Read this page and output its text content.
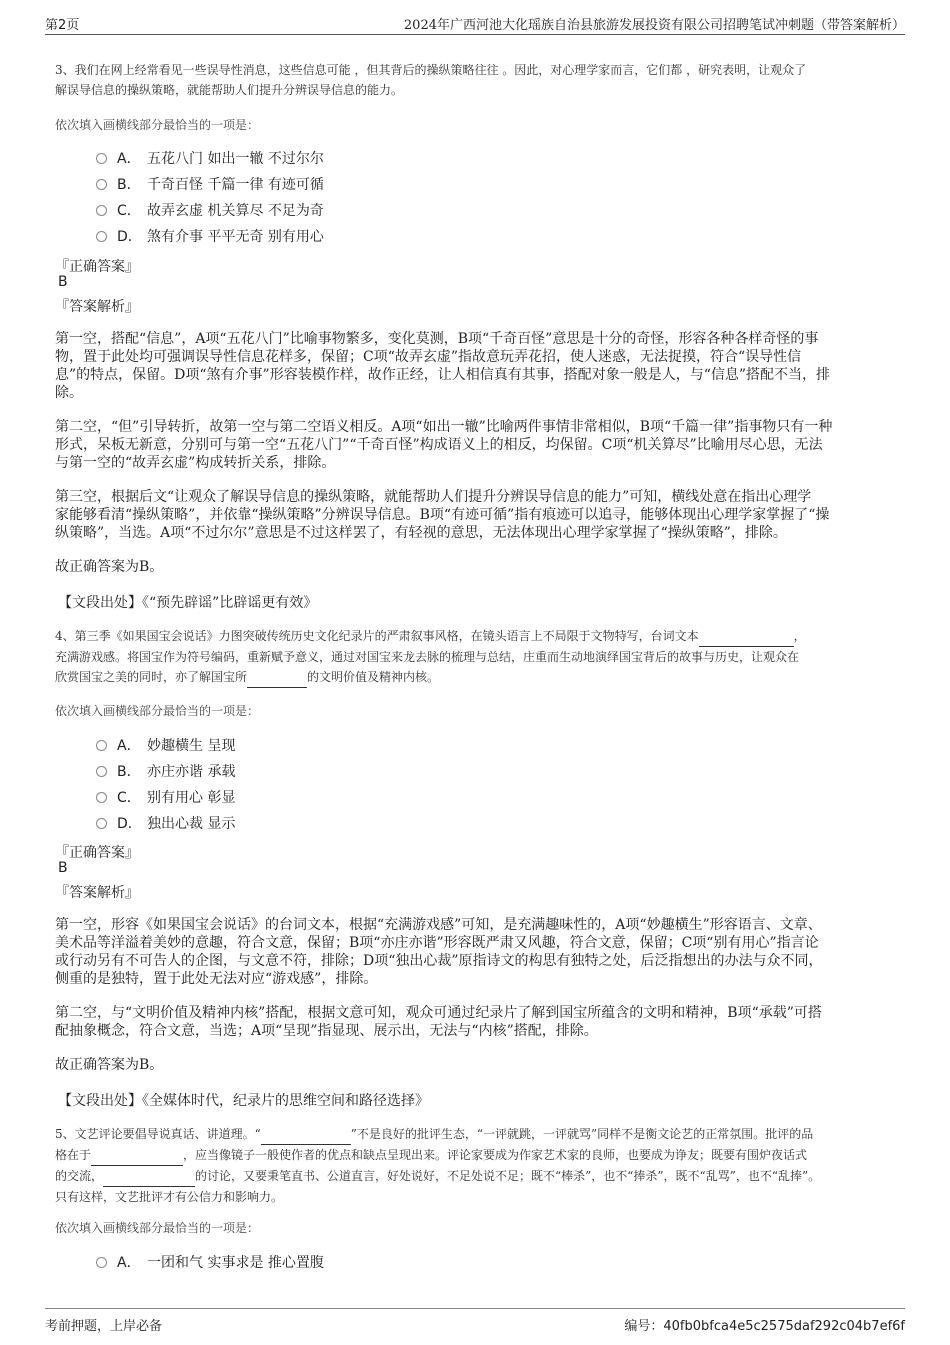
第2页	2024年广西河池大化瑶族自治县旅游发展投资有限公司招聘笔试冲刺题（带答案解析）
3、我们在网上经常看见一些误导性消息，这些信息可能 ，但其背后的操纵策略往往 。因此，对心理学家而言，它们都 ，研究表明，让观众了
解误导信息的操纵策略，就能帮助人们提升分辨误导信息的能力。
依次填入画横线部分最恰当的一项是：
A． 五花八门 如出一辙 不过尔尔
B． 千奇百怪 千篇一律 有迹可循
C． 故弄玄虚 机关算尽 不足为奇
D． 煞有介事 平平无奇 别有用心
『正确答案』
B
『答案解析』
第一空，搭配“信息”，A项“五花八门”比喻事物繁多，变化莫测，B项“千奇百怪”意思是十分的奇怪，形容各种各样奇怪的事
物，置于此处均可强调误导性信息花样多，保留；C项“故弄玄虚”指故意玩弄花招，使人迷惑，无法捉摸，符合“误导性信
息”的特点，保留。D项“煞有介事”形容装模作样，故作正经，让人相信真有其事，搭配对象一般是人，与“信息”搭配不当，排
除。
第二空，“但”引导转折，故第一空与第二空语义相反。A项“如出一辙”比喻两件事情非常相似，B项“千篇一律”指事物只有一种
形式，呆板无新意，分别可与第一空“五花八门”“千奇百怪”构成语义上的相反，均保留。C项“机关算尽”比喻用尽心思，无法
与第一空的“故弄玄虚”构成转折关系，排除。
第三空，根据后文“让观众了解误导信息的操纵策略，就能帮助人们提升分辨误导信息的能力”可知，横线处意在指出心理学
家能够看清“操纵策略”，并依靠“操纵策略”分辨误导信息。B项“有迹可循”指有痕迹可以追寻，能够体现出心理学家掌握了“操
纵策略”，当选。A项“不过尔尔”意思是不过这样罢了，有轻视的意思，无法体现出心理学家掌握了“操纵策略”，排除。
故正确答案为B。
【文段出处】《“预先辟谣”比辟谣更有效》
4、第三季《如果国宝会说话》力图突破传统历史文化纪录片的严肃叙事风格，在镜头语言上不局限于文物特写，台词文本	，
充满游戏感。将国宝作为符号编码，重新赋予意义，通过对国宝来龙去脉的梳理与总结，庄重而生动地演绎国宝背后的故事与历史，让观众在
欣赏国宝之美的同时，亦了解国宝所	的文明价值及精神内核。
依次填入画横线部分最恰当的一项是：
A． 妙趣横生 呈现
B． 亦庄亦谐 承载
C． 别有用心 彰显
D． 独出心裁 显示
『正确答案』
B
『答案解析』
第一空，形容《如果国宝会说话》的台词文本，根据“充满游戏感”可知，是充满趣味性的，A项“妙趣横生”形容语言、文章、
美术品等洋溢着美妙的意趣，符合文意，保留；B项“亦庄亦谐”形容既严肃又风趣，符合文意，保留；C项“别有用心”指言论
或行动另有不可告人的企图，与文意不符，排除；D项“独出心裁”原指诗文的构思有独特之处，后泛指想出的办法与众不同，
侧重的是独特，置于此处无法对应“游戏感”，排除。
第二空，与“文明价值及精神内核”搭配，根据文意可知，观众可通过纪录片了解到国宝所蕴含的文明和精神，B项“承载”可搭
配抽象概念，符合文意，当选；A项“呈现”指显现、展示出，无法与“内核”搭配，排除。
故正确答案为B。
【文段出处】《全媒体时代，纪录片的思维空间和路径选择》
5、文艺评论要倡导说真话、讲道理。“	”不是良好的批评生态，“一评就跳，一评就骂”同样不是衡文论艺的正常氛围。批评的品
格在于	，应当像镜子一般使作者的优点和缺点呈现出来。评论家要成为作家艺术家的良师，也要成为诤友；既要有围炉夜话式
的交流，	的讨论，又要秉笔直书、公道直言，好处说好，不足处说不足；既不“棒杀”，也不“捧杀”，既不“乱骂”，也不“乱捧”。
只有这样，文艺批评才有公信力和影响力。
依次填入画横线部分最恰当的一项是：
A． 一团和气 实事求是 推心置腹
考前押题，上岸必备	编号：40fb0bfca4e5c2575daf292c04b7ef6f
